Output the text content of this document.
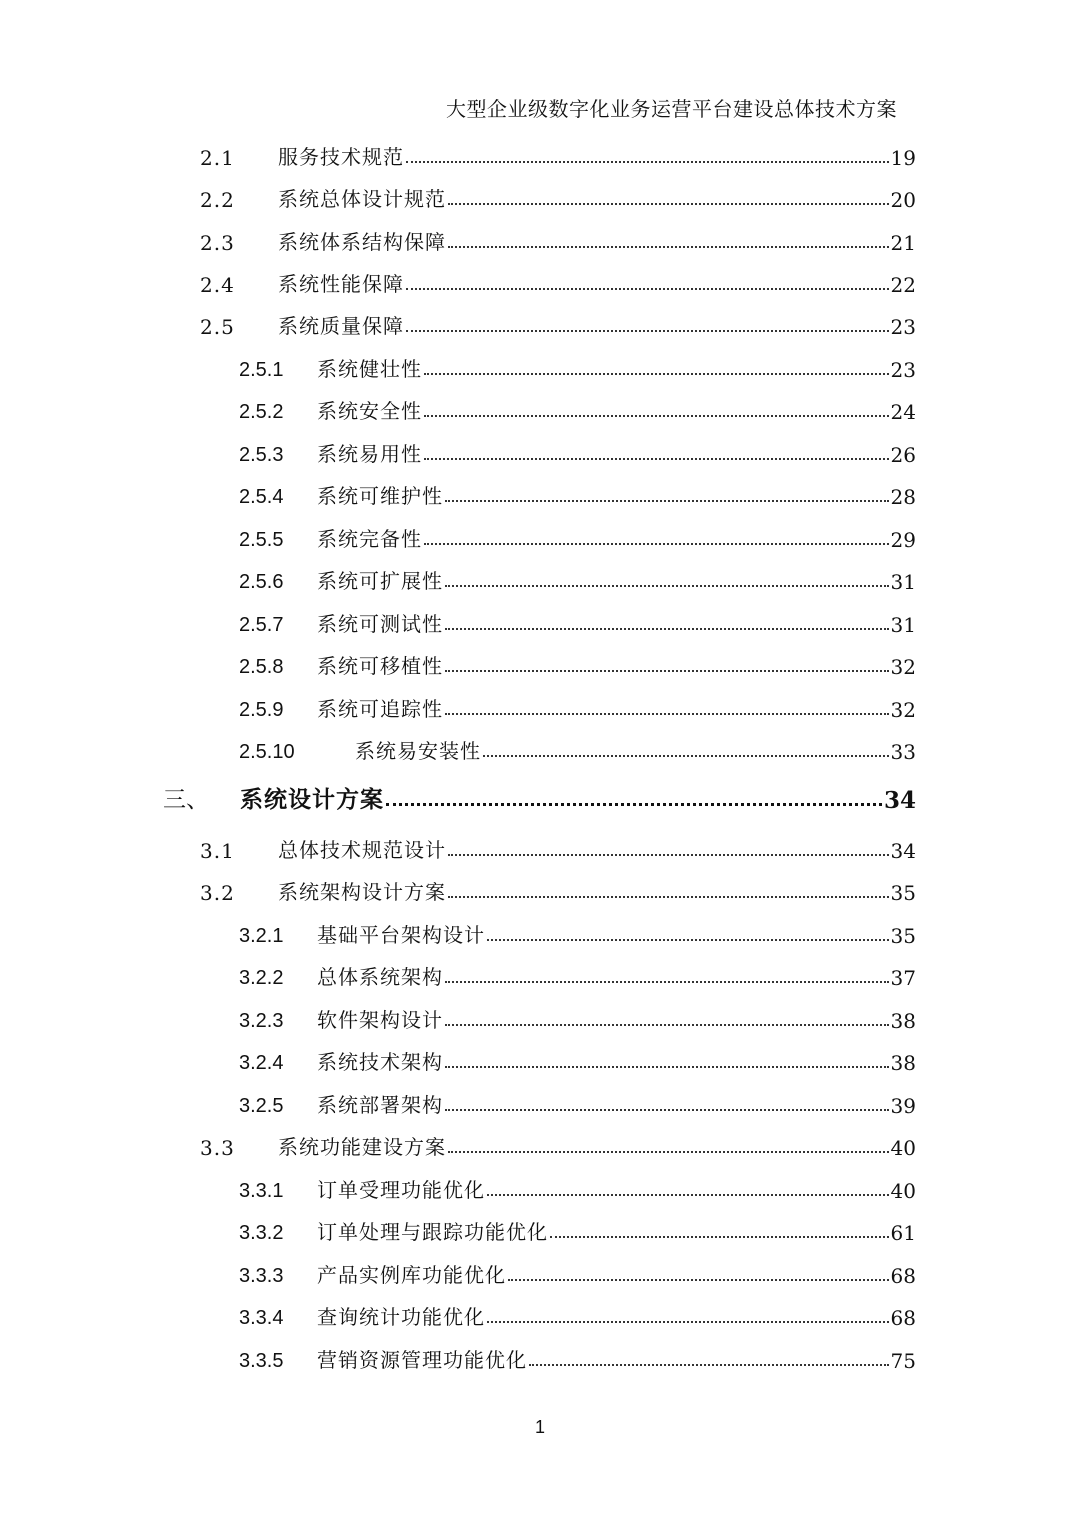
大型企业级数字化业务运营平台建设总体技术方案
2.1	服务技术规范	19
2.2	系统总体设计规范	20
2.3	系统体系结构保障	21
2.4	系统性能保障	22
2.5	系统质量保障	23
2.5.1	系统健壮性	23
2.5.2	系统安全性	24
2.5.3	系统易用性	26
2.5.4	系统可维护性	28
2.5.5	系统完备性	29
2.5.6	系统可扩展性	31
2.5.7	系统可测试性	31
2.5.8	系统可移植性	32
2.5.9	系统可追踪性	32
2.5.10	系统易安装性	33
三、	系统设计方案	34
3.1	总体技术规范设计	34
3.2	系统架构设计方案	35
3.2.1	基础平台架构设计	35
3.2.2	总体系统架构	37
3.2.3	软件架构设计	38
3.2.4	系统技术架构	38
3.2.5	系统部署架构	39
3.3	系统功能建设方案	40
3.3.1	订单受理功能优化	40
3.3.2	订单处理与跟踪功能优化	61
3.3.3	产品实例库功能优化	68
3.3.4	查询统计功能优化	68
3.3.5	营销资源管理功能优化	75
1
